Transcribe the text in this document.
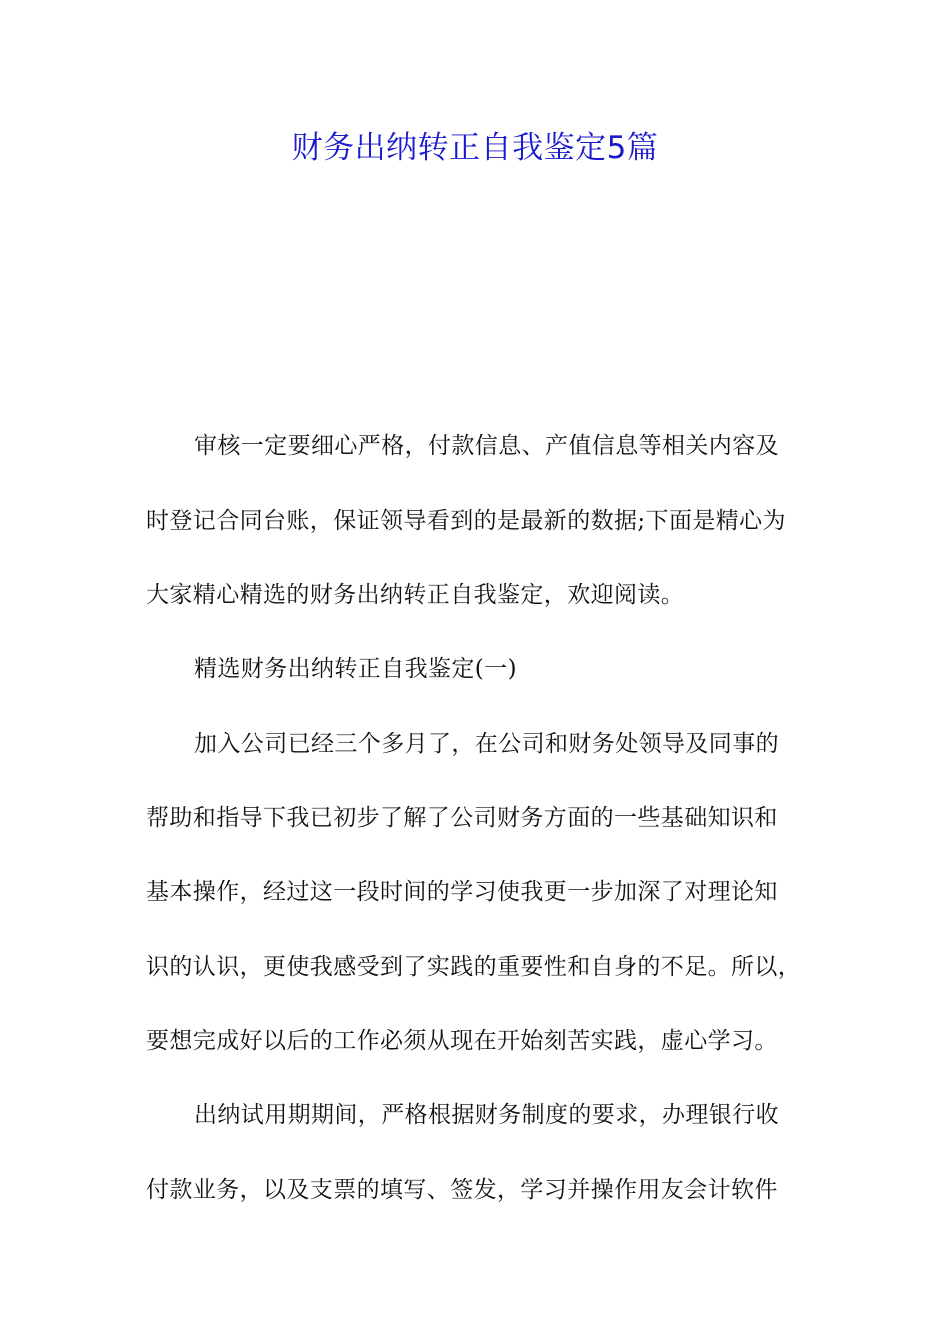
财务出纳转正自我鉴定5篇
审核一定要细心严格，付款信息、产值信息等相关内容及
时登记合同台账，保证领导看到的是最新的数据;下面是精心为
大家精心精选的财务出纳转正自我鉴定，欢迎阅读。
精选财务出纳转正自我鉴定(一)
加入公司已经三个多月了，在公司和财务处领导及同事的
帮助和指导下我已初步了解了公司财务方面的一些基础知识和
基本操作，经过这一段时间的学习使我更一步加深了对理论知
识的认识，更使我感受到了实践的重要性和自身的不足。所以，
要想完成好以后的工作必须从现在开始刻苦实践，虚心学习。
出纳试用期期间，严格根据财务制度的要求，办理银行收
付款业务，以及支票的填写、签发，学习并操作用友会计软件
